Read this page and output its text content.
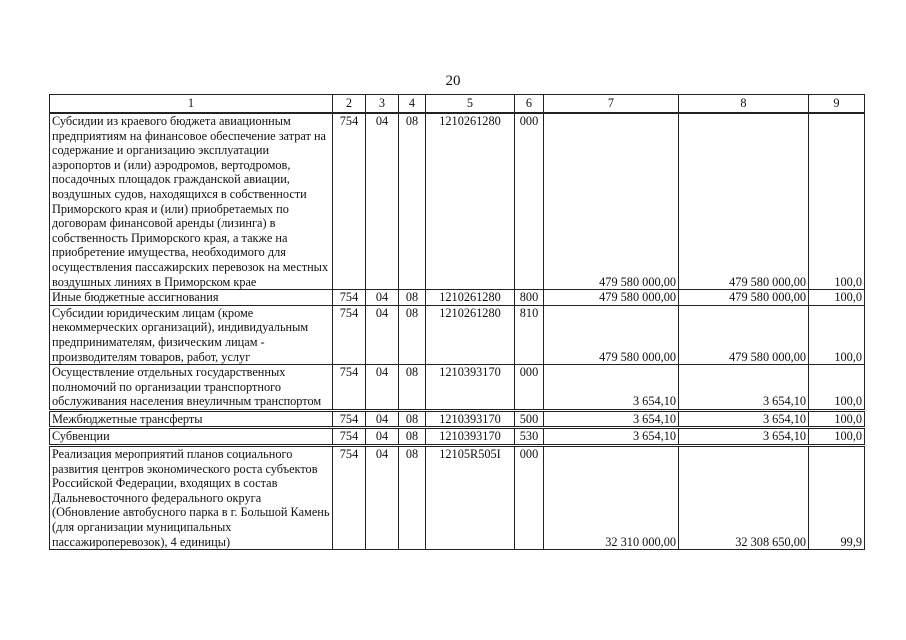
20
1	2	3	4	5	6	7	8	9
Субсидии из краевого бюджета авиационным предприятиям на финансовое обеспечение затрат на содержание и организацию эксплуатации аэропортов и (или) аэродромов, вертодромов, посадочных площадок гражданской авиации, воздушных судов, находящихся в собственности Приморского края и (или) приобретаемых по договорам финансовой аренды (лизинга) в собственность Приморского края, а также на приобретение имущества, необходимого для осуществления пассажирских перевозок на местных воздушных линиях в Приморском крае	754	04	08	1210261280	000	479 580 000,00	479 580 000,00	100,0
Иные бюджетные ассигнования	754	04	08	1210261280	800	479 580 000,00	479 580 000,00	100,0
Субсидии юридическим лицам (кроме некоммерческих организаций), индивидуальным предпринимателям, физическим лицам - производителям товаров, работ, услуг	754	04	08	1210261280	810	479 580 000,00	479 580 000,00	100,0
Осуществление отдельных государственных полномочий по организации транспортного обслуживания населения внеуличным транспортом	754	04	08	1210393170	000	3 654,10	3 654,10	100,0
Межбюджетные трансферты	754	04	08	1210393170	500	3 654,10	3 654,10	100,0
Субвенции	754	04	08	1210393170	530	3 654,10	3 654,10	100,0
Реализация мероприятий планов социального развития центров экономического роста субъектов Российской Федерации, входящих в состав Дальневосточного федерального округа (Обновление автобусного парка в г. Большой Камень (для организации муниципальных пассажироперевозок), 4 единицы)	754	04	08	12105R505I	000	32 310 000,00	32 308 650,00	99,9
